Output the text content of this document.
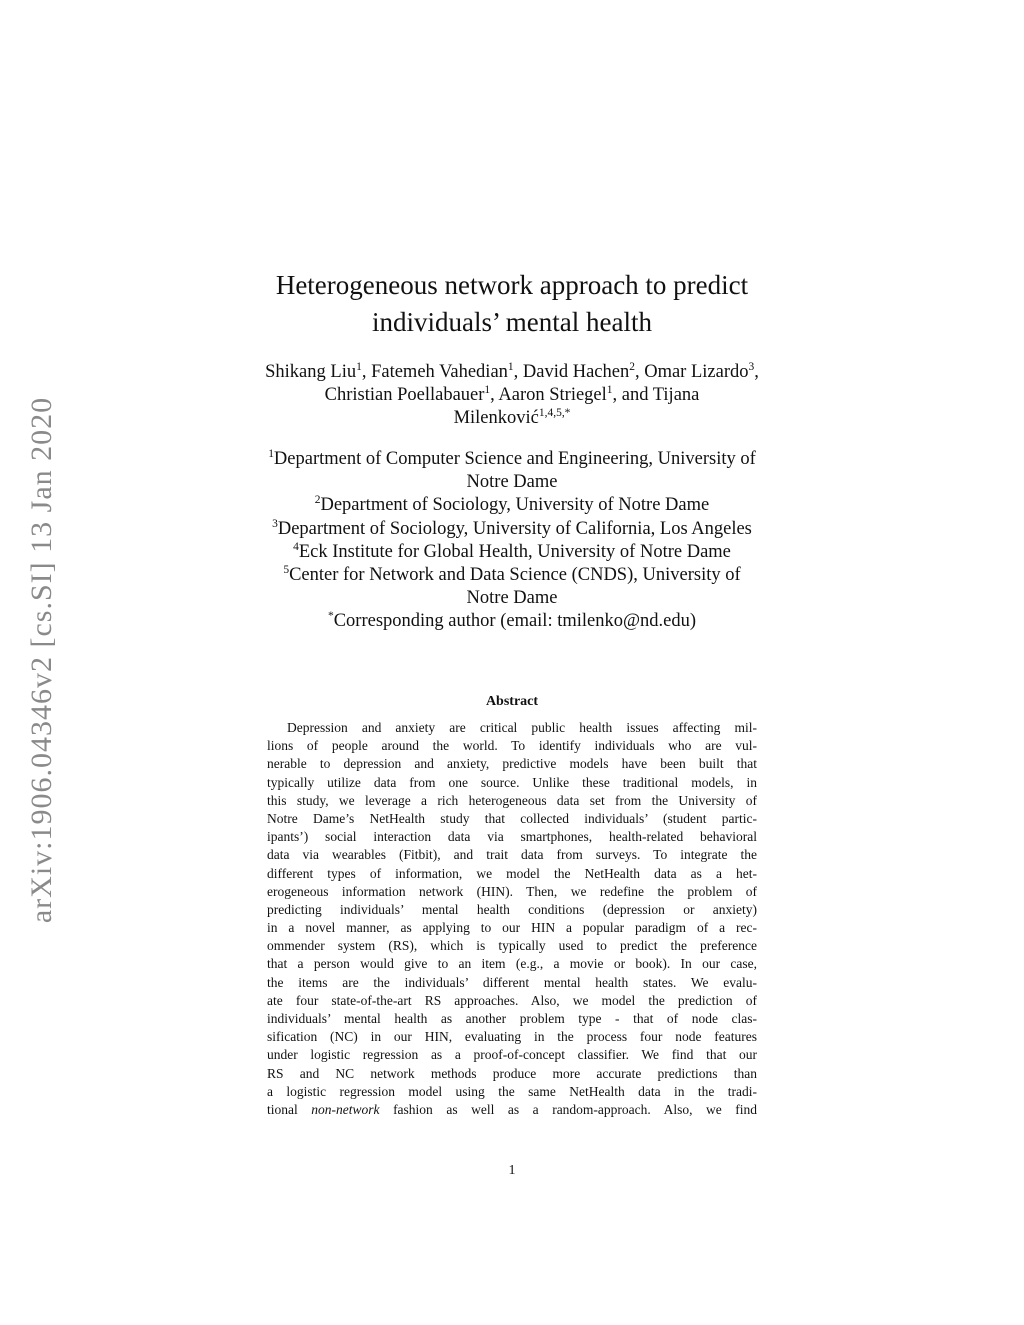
arXiv:1906.04346v2 [cs.SI] 13 Jan 2020
Heterogeneous network approach to predict
individuals’ mental health
Shikang Liu$^1$, Fatemeh Vahedian$^1$, David Hachen$^2$, Omar Lizardo$^3$,
Christian Poellabauer$^1$, Aaron Striegel$^1$, and Tijana
Milenković$^{1,4,5,*}$
$^1$Department of Computer Science and Engineering, University of
Notre Dame
$^2$Department of Sociology, University of Notre Dame
$^3$Department of Sociology, University of California, Los Angeles
$^4$Eck Institute for Global Health, University of Notre Dame
$^5$Center for Network and Data Science (CNDS), University of
Notre Dame
*Corresponding author (email: tmilenko@nd.edu)
Abstract
Depression and anxiety are critical public health issues affecting mil-
lions of people around the world. To identify individuals who are vul-
nerable to depression and anxiety, predictive models have been built that
typically utilize data from one source. Unlike these traditional models, in
this study, we leverage a rich heterogeneous data set from the University of
Notre Dame’s NetHealth study that collected individuals’ (student partic-
ipants’) social interaction data via smartphones, health-related behavioral
data via wearables (Fitbit), and trait data from surveys. To integrate the
different types of information, we model the NetHealth data as a het-
erogeneous information network (HIN). Then, we redefine the problem of
predicting individuals’ mental health conditions (depression or anxiety)
in a novel manner, as applying to our HIN a popular paradigm of a rec-
ommender system (RS), which is typically used to predict the preference
that a person would give to an item (e.g., a movie or book). In our case,
the items are the individuals’ different mental health states. We evalu-
ate four state-of-the-art RS approaches. Also, we model the prediction of
individuals’ mental health as another problem type - that of node clas-
sification (NC) in our HIN, evaluating in the process four node features
under logistic regression as a proof-of-concept classifier. We find that our
RS and NC network methods produce more accurate predictions than
a logistic regression model using the same NetHealth data in the tradi-
tional non-network fashion as well as a random-approach. Also, we find
1
